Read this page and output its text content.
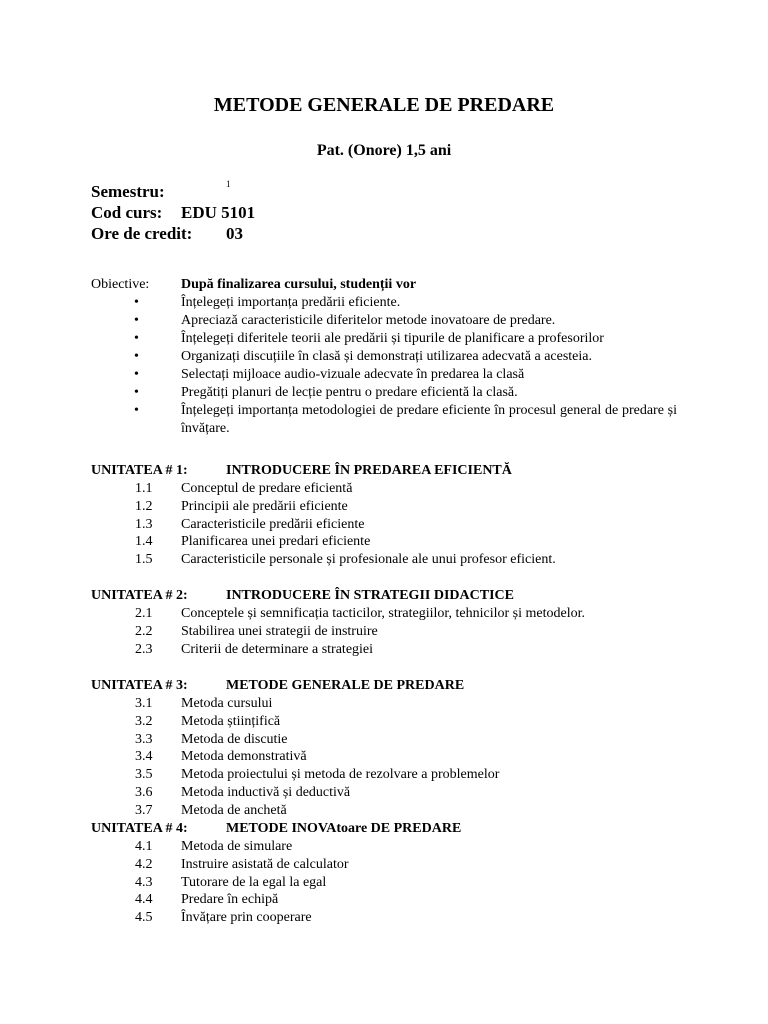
METODE GENERALE DE PREDARE
Pat. (Onore) 1,5 ani
Semestru:	1
Cod curs: EDU 5101
Ore de credit: 03
Obiective: După finalizarea cursului, studenții vor
•	Înțelegeți importanța predării eficiente.
•	Apreciază caracteristicile diferitelor metode inovatoare de predare.
•	Înțelegeți diferitele teorii ale predării și tipurile de planificare a profesorilor
•	Organizați discuțiile în clasă și demonstrați utilizarea adecvată a acesteia.
•	Selectați mijloace audio-vizuale adecvate în predarea la clasă
•	Pregătiți planuri de lecție pentru o predare eficientă la clasă.
•	Înțelegeți importanța metodologiei de predare eficiente în procesul general de predare și învățare.
UNITATEA # 1:	INTRODUCERE ÎN PREDAREA EFICIENTĂ
1.1 Conceptul de predare eficientă
1.2 Principii ale predării eficiente
1.3 Caracteristicile predării eficiente
1.4 Planificarea unei predari eficiente
1.5 Caracteristicile personale și profesionale ale unui profesor eficient.
UNITATEA # 2:	INTRODUCERE ÎN STRATEGII DIDACTICE
2.1 Conceptele și semnificația tacticilor, strategiilor, tehnicilor și metodelor.
2.2 Stabilirea unei strategii de instruire
2.3 Criterii de determinare a strategiei
UNITATEA # 3:	METODE GENERALE DE PREDARE
3.1 Metoda cursului
3.2 Metoda științifică
3.3 Metoda de discutie
3.4 Metoda demonstrativă
3.5 Metoda proiectului și metoda de rezolvare a problemelor
3.6 Metoda inductivă și deductivă
3.7 Metoda de anchetă
UNITATEA # 4:	METODE INOVAtoare DE PREDARE
4.1 Metoda de simulare
4.2 Instruire asistată de calculator
4.3 Tutorare de la egal la egal
4.4 Predare în echipă
4.5 Învățare prin cooperare
